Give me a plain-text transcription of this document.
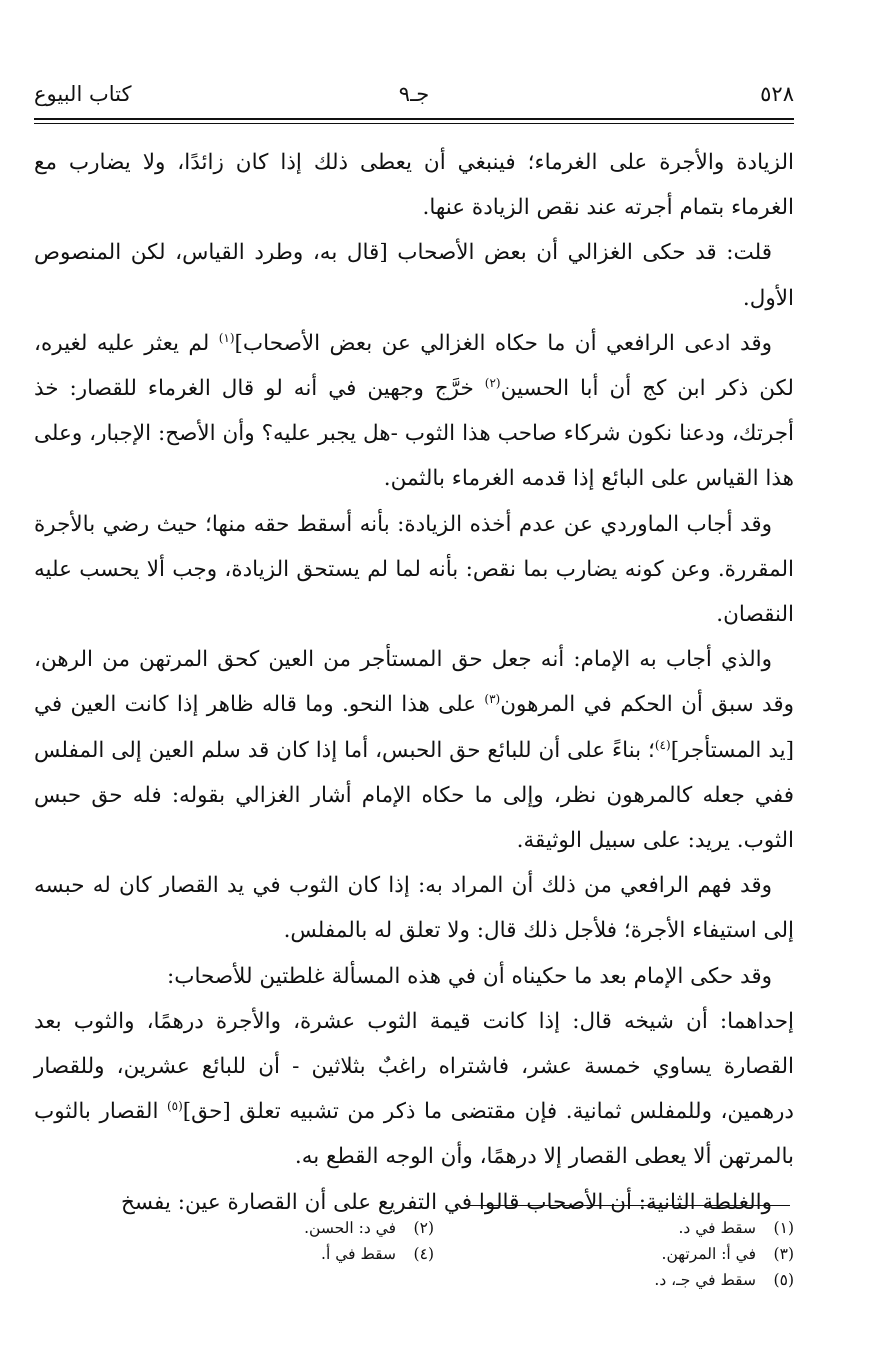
كتاب البيوع	جـ٩	٥٢٨

الزيادة والأجرة على الغرماء؛ فينبغي أن يعطى ذلك إذا كان زائدًا، ولا يضارب مع الغرماء بتمام أجرته عند نقص الزيادة عنها.

قلت: قد حكى الغزالي أن بعض الأصحاب [قال به، وطرد القياس، لكن المنصوص الأول.

وقد ادعى الرافعي أن ما حكاه الغزالي عن بعض الأصحاب]$^{(١)}$ لم يعثر عليه لغيره، لكن ذكر ابن كج أن أبا الحسين$^{(٢)}$ خرَّج وجهين في أنه لو قال الغرماء للقصار: خذ أجرتك، ودعنا نكون شركاء صاحب هذا الثوب -هل يجبر عليه؟ وأن الأصح: الإجبار، وعلى هذا القياس على البائع إذا قدمه الغرماء بالثمن.

وقد أجاب الماوردي عن عدم أخذه الزيادة: بأنه أسقط حقه منها؛ حيث رضي بالأجرة المقررة. وعن كونه يضارب بما نقص: بأنه لما لم يستحق الزيادة، وجب ألا يحسب عليه النقصان.

والذي أجاب به الإمام: أنه جعل حق المستأجر من العين كحق المرتهن من الرهن، وقد سبق أن الحكم في المرهون$^{(٣)}$ على هذا النحو. وما قاله ظاهر إذا كانت العين في [يد المستأجر]$^{(٤)}$؛ بناءً على أن للبائع حق الحبس، أما إذا كان قد سلم العين إلى المفلس ففي جعله كالمرهون نظر، وإلى ما حكاه الإمام أشار الغزالي بقوله: فله حق حبس الثوب. يريد: على سبيل الوثيقة.

وقد فهم الرافعي من ذلك أن المراد به: إذا كان الثوب في يد القصار كان له حبسه إلى استيفاء الأجرة؛ فلأجل ذلك قال: ولا تعلق له بالمفلس.

وقد حكى الإمام بعد ما حكيناه أن في هذه المسألة غلطتين للأصحاب:

إحداهما: أن شيخه قال: إذا كانت قيمة الثوب عشرة، والأجرة درهمًا، والثوب بعد القصارة يساوي خمسة عشر، فاشتراه راغبٌ بثلاثين - أن للبائع عشرين، وللقصار درهمين، وللمفلس ثمانية. فإن مقتضى ما ذكر من تشبيه تعلق [حق]$^{(٥)}$ القصار بالثوب بالمرتهن ألا يعطى القصار إلا درهمًا، وأن الوجه القطع به.

والغلطة الثانية: أن الأصحاب قالوا في التفريع على أن القصارة عين: يفسخ

(١)سقط في د.
(٢)في د: الحسن.
(٣)في أ: المرتهن.
(٤)سقط في أ.
(٥)سقط في جـ، د.
